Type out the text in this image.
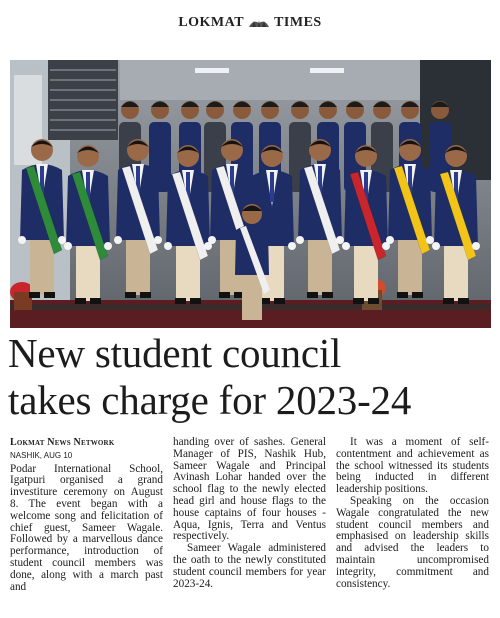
LOKMAT TIMES
New student council
takes charge for 2023-24
Lokmat News Network
NASHIK, AUG 10

Podar International School, Igatpuri organised a grand investiture ceremony on August 8. The event began with a welcome song and felicitation of chief guest, Sameer Wagale. Followed by a marvellous dance performance, introduction of student council members was done, along with a march past and

handing over of sashes. General Manager of PIS, Nashik Hub, Sameer Wagale and Principal Avinash Lohar handed over the school flag to the newly elected head girl and house flags to the house captains of four houses - Aqua, Ignis, Terra and Ventus respectively.

Sameer Wagale administered the oath to the newly constituted student council members for year 2023-24.

It was a moment of self-contentment and achievement as the school witnessed its students being inducted in different leadership positions.

Speaking on the occasion Wagale congratulated the new student council members and emphasised on leadership skills and advised the leaders to maintain uncompromised integrity, commitment and consistency.
